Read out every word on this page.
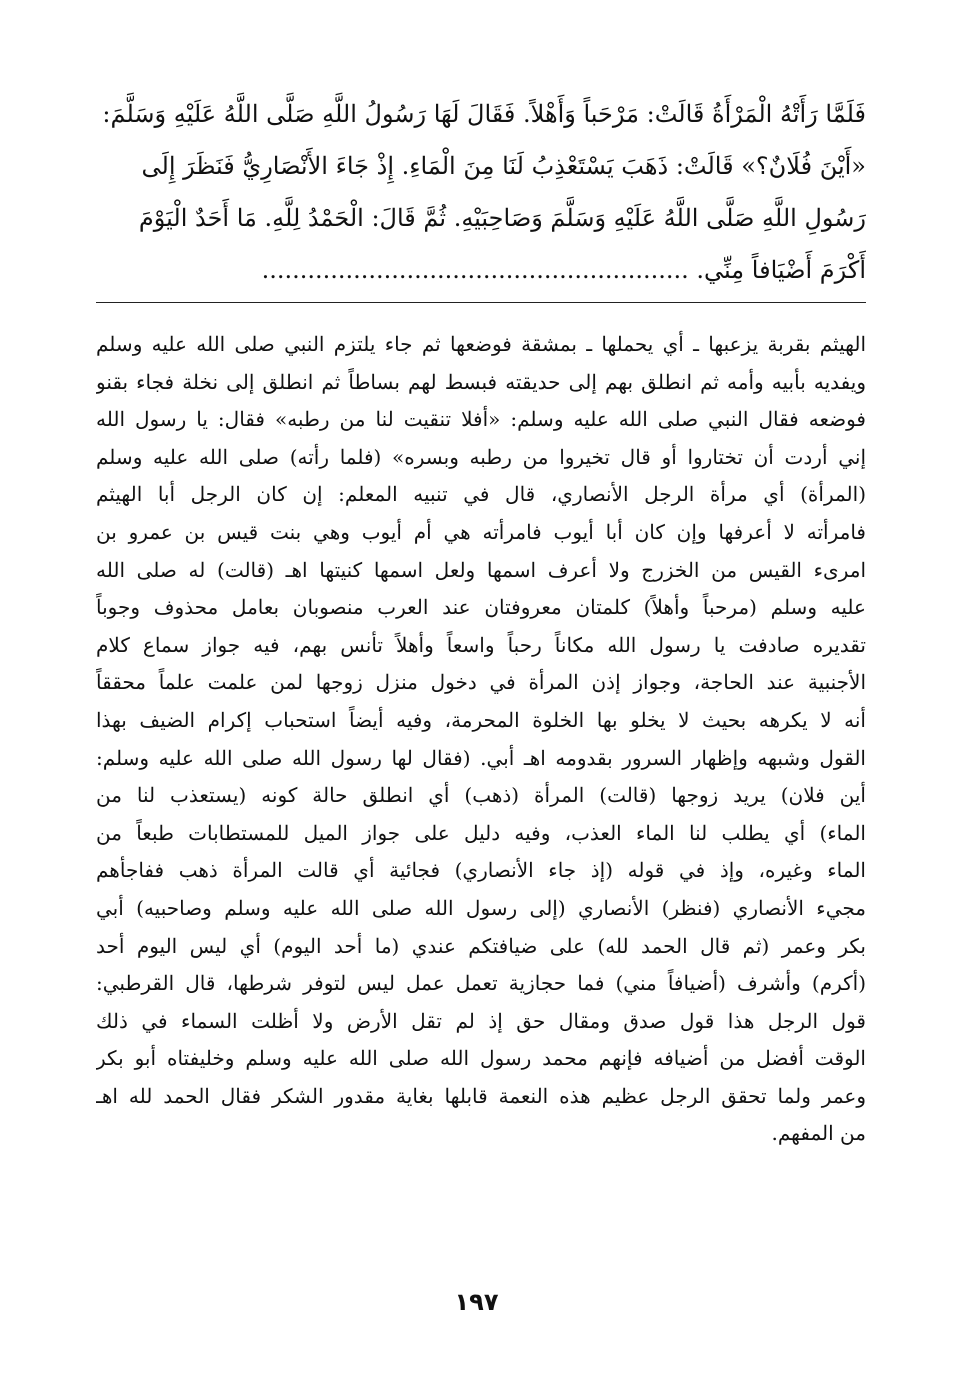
فَلَمَّا رَأَتْهُ الْمَرْأَةُ قَالَتْ: مَرْحَباً وَأَهْلاً. فَقَالَ لَهَا رَسُولُ اللَّهِ صَلَّى اللَّهُ عَلَيْهِ وَسَلَّمَ:
«أَيْنَ فُلَانٌ؟» قَالَتْ: ذَهَبَ يَسْتَعْذِبُ لَنَا مِنَ الْمَاءِ. إِذْ جَاءَ الأَنْصَارِيُّ فَنَظَرَ إِلَى
رَسُولِ اللَّهِ صَلَّى اللَّهُ عَلَيْهِ وَسَلَّمَ وَصَاحِبَيْهِ. ثُمَّ قَالَ: الْحَمْدُ لِلَّهِ. مَا أَحَدٌ الْيَوْمَ
أَكْرَمَ أَضْيَافاً مِنِّي. ........................................................
الهيثم بقربة يزعبها ـ أي يحملها ـ بمشقة فوضعها ثم جاء يلتزم النبي صلى الله عليه وسلم
ويفديه بأبيه وأمه ثم انطلق بهم إلى حديقته فبسط لهم بساطاً ثم انطلق إلى نخلة فجاء بقنو
فوضعه فقال النبي صلى الله عليه وسلم: «أفلا تنقيت لنا من رطبه» فقال: يا رسول الله
إني أردت أن تختاروا أو قال تخيروا من رطبه وبسره» (فلما رأته) صلى الله عليه وسلم
(المرأة) أي مرأة الرجل الأنصاري، قال في تنبيه المعلم: إن كان الرجل أبا الهيثم
فامرأته لا أعرفها وإن كان أبا أيوب فامرأته هي أم أيوب وهي بنت قيس بن عمرو بن
امرىء القيس من الخزرج ولا أعرف اسمها ولعل اسمها كنيتها اهـ (قالت) له صلى الله
عليه وسلم (مرحباً وأهلاً) كلمتان معروفتان عند العرب منصوبان بعامل محذوف وجوباً
تقديره صادفت يا رسول الله مكاناً رحباً واسعاً وأهلاً تأنس بهم، فيه جواز سماع كلام
الأجنبية عند الحاجة، وجواز إذن المرأة في دخول منزل زوجها لمن علمت علماً محققاً
أنه لا يكرهه بحيث لا يخلو بها الخلوة المحرمة، وفيه أيضاً استحباب إكرام الضيف بهذا
القول وشبهه وإظهار السرور بقدومه اهـ أبي. (فقال لها رسول الله صلى الله عليه وسلم:
أين فلان) يريد زوجها (قالت) المرأة (ذهب) أي انطلق حالة كونه (يستعذب لنا من
الماء) أي يطلب لنا الماء العذب، وفيه دليل على جواز الميل للمستطابات طبعاً من
الماء وغيره، وإذ في قوله (إذ جاء الأنصاري) فجائية أي قالت المرأة ذهب ففاجأهم
مجيء الأنصاري (فنظر) الأنصاري (إلى رسول الله صلى الله عليه وسلم وصاحبيه) أبي
بكر وعمر (ثم قال الحمد لله) على ضيافتكم عندي (ما أحد اليوم) أي ليس اليوم أحد
(أكرم) وأشرف (أضيافاً مني) فما حجازية تعمل عمل ليس لتوفر شرطها، قال القرطبي:
قول الرجل هذا قول صدق ومقال حق إذ لم تقل الأرض ولا أظلت السماء في ذلك
الوقت أفضل من أضيافه فإنهم محمد رسول الله صلى الله عليه وسلم وخليفتاه أبو بكر
وعمر ولما تحقق الرجل عظيم هذه النعمة قابلها بغاية مقدور الشكر فقال الحمد لله اهـ
من المفهم.
١٩٧
